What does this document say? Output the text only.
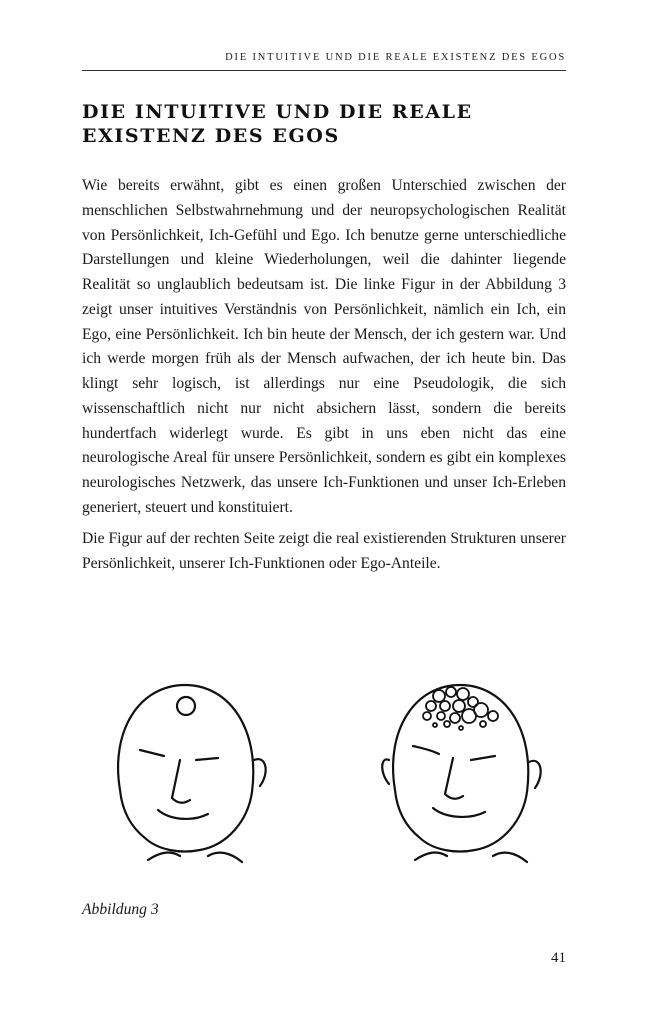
DIE INTUITIVE UND DIE REALE EXISTENZ DES EGOS
DIE INTUITIVE UND DIE REALE
EXISTENZ DES EGOS

Wie bereits erwähnt, gibt es einen großen Unterschied zwischen der menschlichen Selbstwahrnehmung und der neuropsychologischen Realität von Persönlichkeit, Ich-Gefühl und Ego. Ich benutze gerne unterschiedliche Darstellungen und kleine Wiederholungen, weil die dahinter liegende Realität so unglaublich bedeutsam ist. Die linke Figur in der Abbildung 3 zeigt unser intuitives Verständnis von Persönlichkeit, nämlich ein Ich, ein Ego, eine Persönlichkeit. Ich bin heute der Mensch, der ich gestern war. Und ich werde morgen früh als der Mensch aufwachen, der ich heute bin. Das klingt sehr logisch, ist allerdings nur eine Pseudologik, die sich wissenschaftlich nicht nur nicht absichern lässt, sondern die bereits hundertfach widerlegt wurde. Es gibt in uns eben nicht das eine neurologische Areal für unsere Persönlichkeit, sondern es gibt ein komplexes neurologisches Netzwerk, das unsere Ich-Funktionen und unser Ich-Erleben generiert, steuert und konstituiert.

Die Figur auf der rechten Seite zeigt die real existierenden Strukturen unserer Persönlichkeit, unserer Ich-Funktionen oder Ego-Anteile.

Abbildung 3

41
